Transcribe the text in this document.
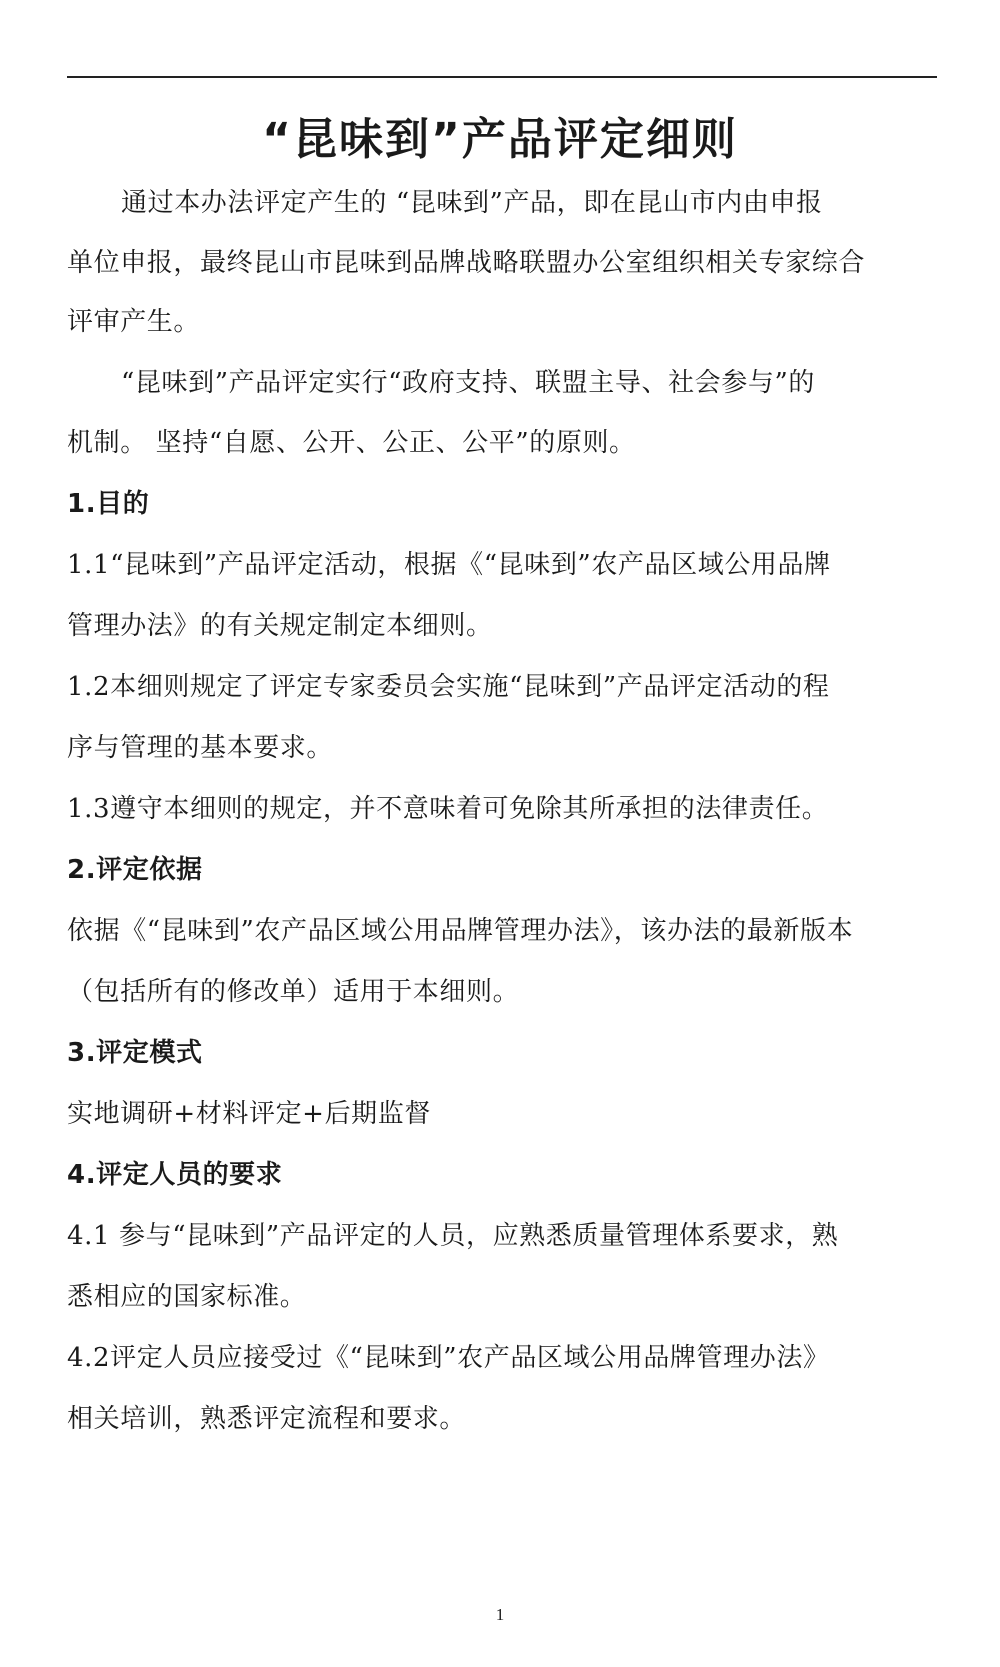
“昆味到”产品评定细则

通过本办法评定产生的 “昆味到”产品，即在昆山市内由申报

单位申报，最终昆山市昆味到品牌战略联盟办公室组织相关专家综合

评审产生。

“昆味到”产品评定实行“政府支持、联盟主导、社会参与”的

机制。 坚持“自愿、公开、公正、公平”的原则。

1.目的

1.1“昆味到”产品评定活动，根据《“昆味到”农产品区域公用品牌

管理办法》的有关规定制定本细则。

1.2本细则规定了评定专家委员会实施“昆味到”产品评定活动的程

序与管理的基本要求。

1.3遵守本细则的规定，并不意味着可免除其所承担的法律责任。

2.评定依据

依据《“昆味到”农产品区域公用品牌管理办法》，该办法的最新版本

（包括所有的修改单）适用于本细则。

3.评定模式

实地调研+材料评定+后期监督

4.评定人员的要求

4.1 参与“昆味到”产品评定的人员，应熟悉质量管理体系要求，熟

悉相应的国家标准。

4.2评定人员应接受过《“昆味到”农产品区域公用品牌管理办法》

相关培训，熟悉评定流程和要求。

1
